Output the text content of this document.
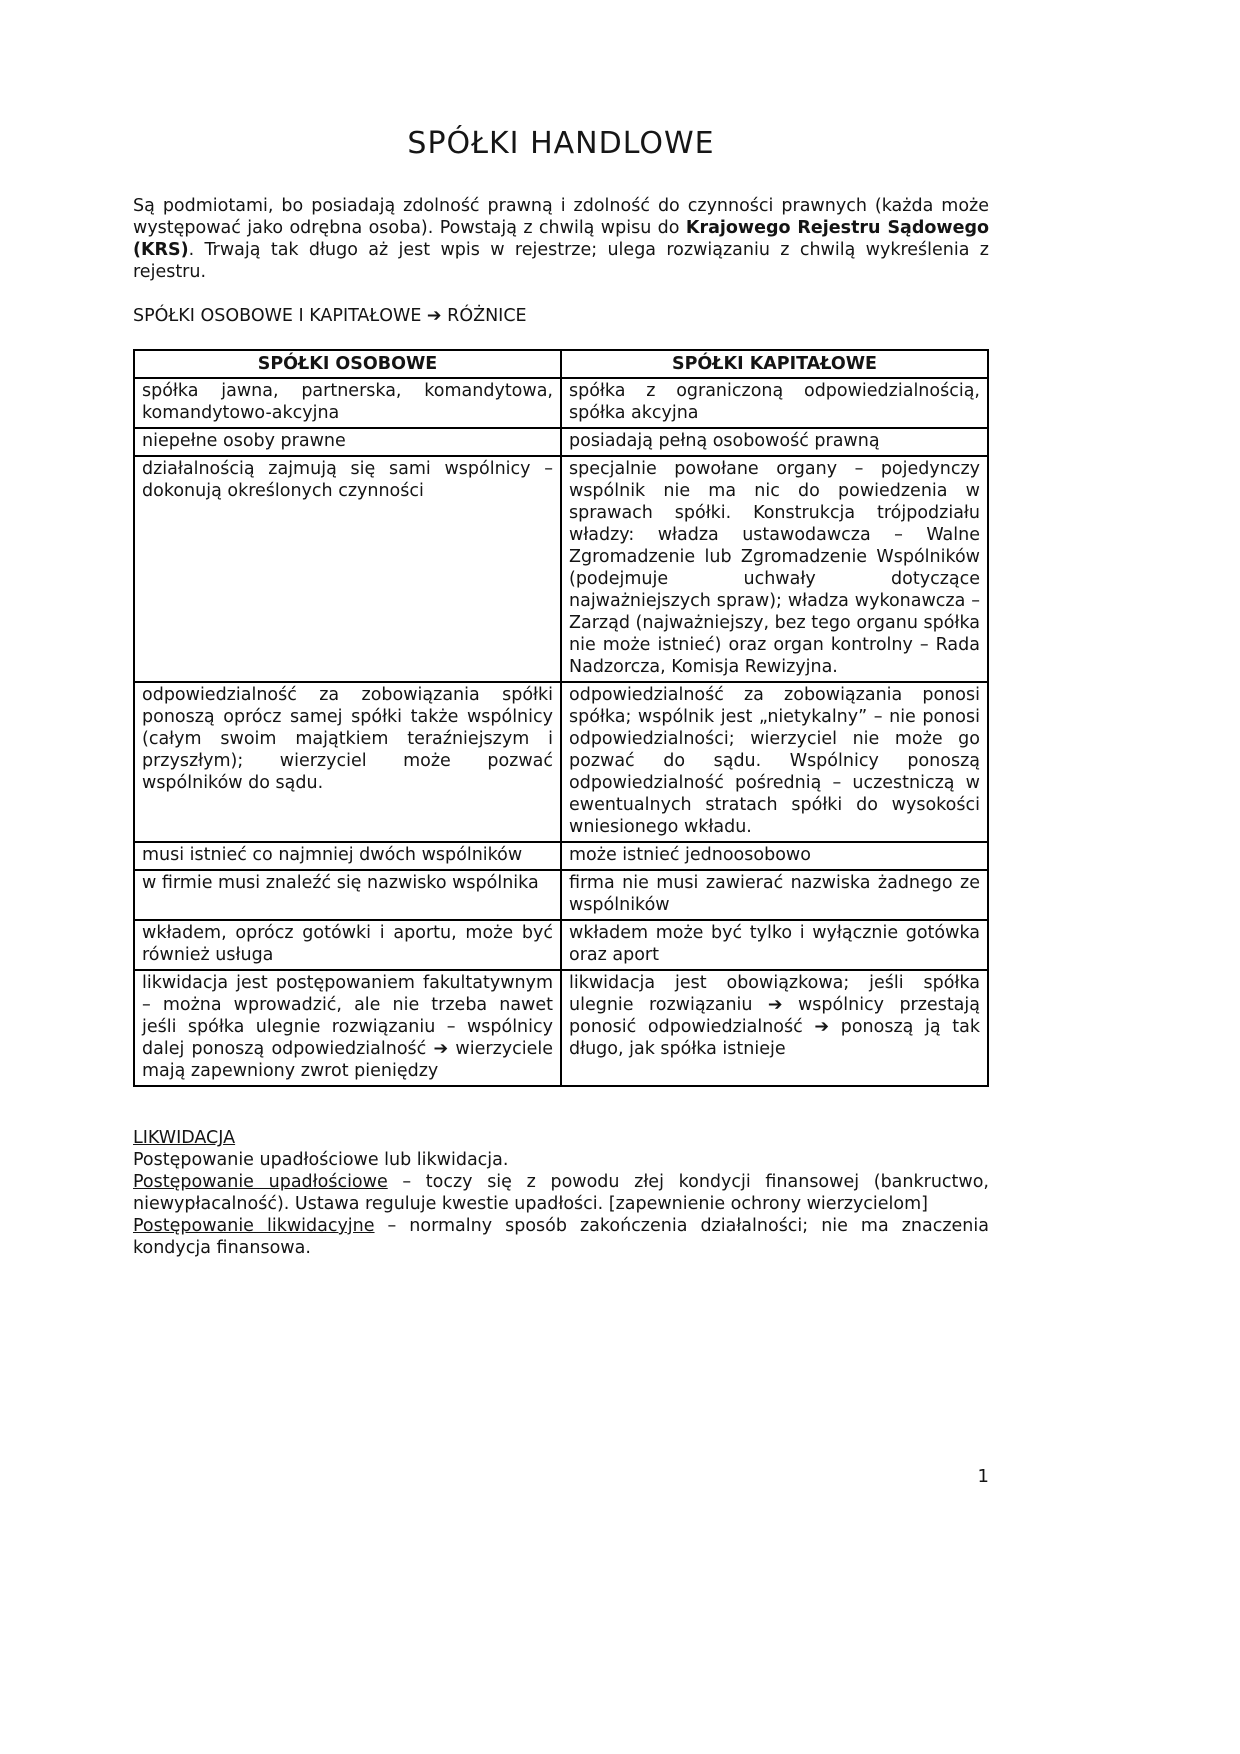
SPÓŁKI HANDLOWE

Są podmiotami, bo posiadają zdolność prawną i zdolność do czynności prawnych (każda może występować jako odrębna osoba). Powstają z chwilą wpisu do Krajowego Rejestru Sądowego (KRS). Trwają tak długo aż jest wpis w rejestrze; ulega rozwiązaniu z chwilą wykreślenia z rejestru.

SPÓŁKI OSOBOWE I KAPITAŁOWE ➔ RÓŻNICE

SPÓŁKI OSOBOWE	SPÓŁKI KAPITAŁOWE
spółka jawna, partnerska, komandytowa, komandytowo-akcyjna	spółka z ograniczoną odpowiedzialnością, spółka akcyjna
niepełne osoby prawne	posiadają pełną osobowość prawną
działalnością zajmują się sami wspólnicy – dokonują określonych czynności	specjalnie powołane organy – pojedynczy wspólnik nie ma nic do powiedzenia w sprawach spółki. Konstrukcja trójpodziału władzy: władza ustawodawcza – Walne Zgromadzenie lub Zgromadzenie Wspólników (podejmuje uchwały dotyczące najważniejszych spraw); władza wykonawcza – Zarząd (najważniejszy, bez tego organu spółka nie może istnieć) oraz organ kontrolny – Rada Nadzorcza, Komisja Rewizyjna.
odpowiedzialność za zobowiązania spółki ponoszą oprócz samej spółki także wspólnicy (całym swoim majątkiem teraźniejszym i przyszłym); wierzyciel może pozwać wspólników do sądu.	odpowiedzialność za zobowiązania ponosi spółka; wspólnik jest „nietykalny” – nie ponosi odpowiedzialności; wierzyciel nie może go pozwać do sądu. Wspólnicy ponoszą odpowiedzialność pośrednią – uczestniczą w ewentualnych stratach spółki do wysokości wniesionego wkładu.
musi istnieć co najmniej dwóch wspólników	może istnieć jednoosobowo
w firmie musi znaleźć się nazwisko wspólnika	firma nie musi zawierać nazwiska żadnego ze wspólników
wkładem, oprócz gotówki i aportu, może być również usługa	wkładem może być tylko i wyłącznie gotówka oraz aport
likwidacja jest postępowaniem fakultatywnym – można wprowadzić, ale nie trzeba nawet jeśli spółka ulegnie rozwiązaniu – wspólnicy dalej ponoszą odpowiedzialność ➔ wierzyciele mają zapewniony zwrot pieniędzy	likwidacja jest obowiązkowa; jeśli spółka ulegnie rozwiązaniu ➔ wspólnicy przestają ponosić odpowiedzialność ➔ ponoszą ją tak długo, jak spółka istnieje

LIKWIDACJA

Postępowanie upadłościowe lub likwidacja.

Postępowanie upadłościowe – toczy się z powodu złej kondycji finansowej (bankructwo, niewypłacalność). Ustawa reguluje kwestie upadłości. [zapewnienie ochrony wierzycielom]

Postępowanie likwidacyjne – normalny sposób zakończenia działalności; nie ma znaczenia kondycja finansowa.

1
